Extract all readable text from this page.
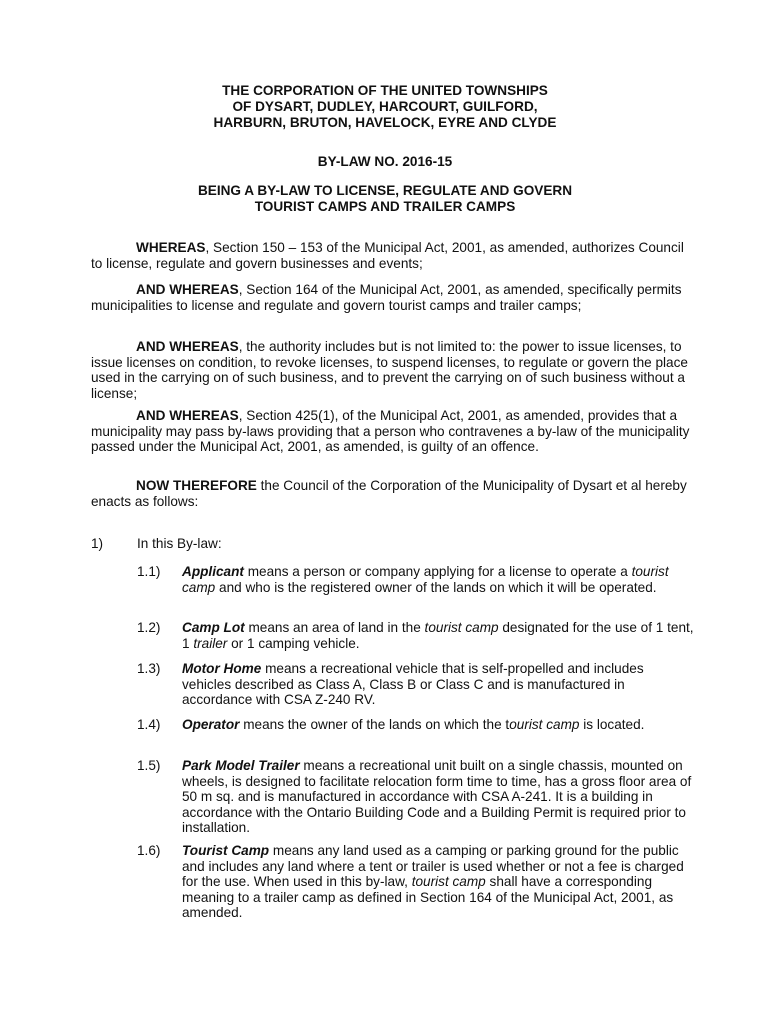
THE CORPORATION OF THE UNITED TOWNSHIPS
OF DYSART, DUDLEY, HARCOURT, GUILFORD,
HARBURN, BRUTON, HAVELOCK, EYRE AND CLYDE
BY-LAW NO. 2016-15
BEING A BY-LAW TO LICENSE, REGULATE AND GOVERN
TOURIST CAMPS AND TRAILER CAMPS

WHEREAS, Section 150 – 153 of the Municipal Act, 2001, as amended, authorizes Council to license, regulate and govern businesses and events;

AND WHEREAS, Section 164 of the Municipal Act, 2001, as amended, specifically permits municipalities to license and regulate and govern tourist camps and trailer camps;

AND WHEREAS, the authority includes but is not limited to: the power to issue licenses, to issue licenses on condition, to revoke licenses, to suspend licenses, to regulate or govern the place used in the carrying on of such business, and to prevent the carrying on of such business without a license;

AND WHEREAS, Section 425(1), of the Municipal Act, 2001, as amended, provides that a municipality may pass by-laws providing that a person who contravenes a by-law of the municipality passed under the Municipal Act, 2001, as amended, is guilty of an offence.

NOW THEREFORE the Council of the Corporation of the Municipality of Dysart et al hereby enacts as follows:

1) In this By-law:
1.1) Applicant means a person or company applying for a license to operate a tourist camp and who is the registered owner of the lands on which it will be operated.
1.2) Camp Lot means an area of land in the tourist camp designated for the use of 1 tent, 1 trailer or 1 camping vehicle.
1.3) Motor Home means a recreational vehicle that is self-propelled and includes vehicles described as Class A, Class B or Class C and is manufactured in accordance with CSA Z-240 RV.
1.4) Operator means the owner of the lands on which the tourist camp is located.
1.5) Park Model Trailer means a recreational unit built on a single chassis, mounted on wheels, is designed to facilitate relocation form time to time, has a gross floor area of 50 m sq. and is manufactured in accordance with CSA A-241. It is a building in accordance with the Ontario Building Code and a Building Permit is required prior to installation.
1.6) Tourist Camp means any land used as a camping or parking ground for the public and includes any land where a tent or trailer is used whether or not a fee is charged for the use. When used in this by-law, tourist camp shall have a corresponding meaning to a trailer camp as defined in Section 164 of the Municipal Act, 2001, as amended.
